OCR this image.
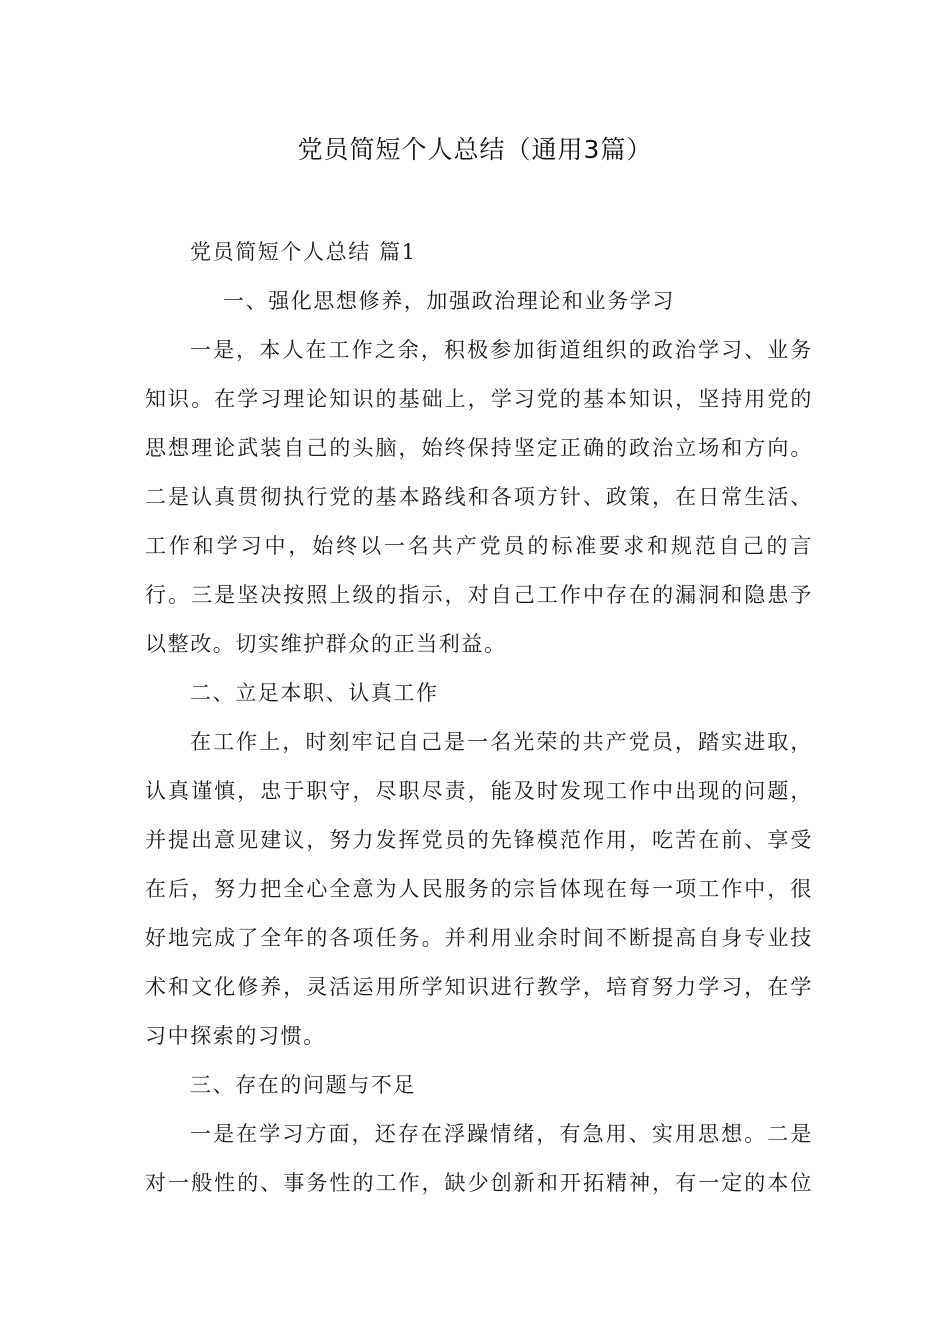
党员简短个人总结（通用3篇）
党员简短个人总结 篇1
一、强化思想修养，加强政治理论和业务学习
一是，本人在工作之余，积极参加街道组织的政治学习、业务
知识。在学习理论知识的基础上，学习党的基本知识，坚持用党的
思想理论武装自己的头脑，始终保持坚定正确的政治立场和方向。
二是认真贯彻执行党的基本路线和各项方针、政策，在日常生活、
工作和学习中，始终以一名共产党员的标准要求和规范自己的言
行。三是坚决按照上级的指示，对自己工作中存在的漏洞和隐患予
以整改。切实维护群众的正当利益。
二、立足本职、认真工作
在工作上，时刻牢记自己是一名光荣的共产党员，踏实进取，
认真谨慎，忠于职守，尽职尽责，能及时发现工作中出现的问题，
并提出意见建议，努力发挥党员的先锋模范作用，吃苦在前、享受
在后，努力把全心全意为人民服务的宗旨体现在每一项工作中，很
好地完成了全年的各项任务。并利用业余时间不断提高自身专业技
术和文化修养，灵活运用所学知识进行教学，培育努力学习，在学
习中探索的习惯。
三、存在的问题与不足
一是在学习方面，还存在浮躁情绪，有急用、实用思想。二是
对一般性的、事务性的工作，缺少创新和开拓精神，有一定的本位
